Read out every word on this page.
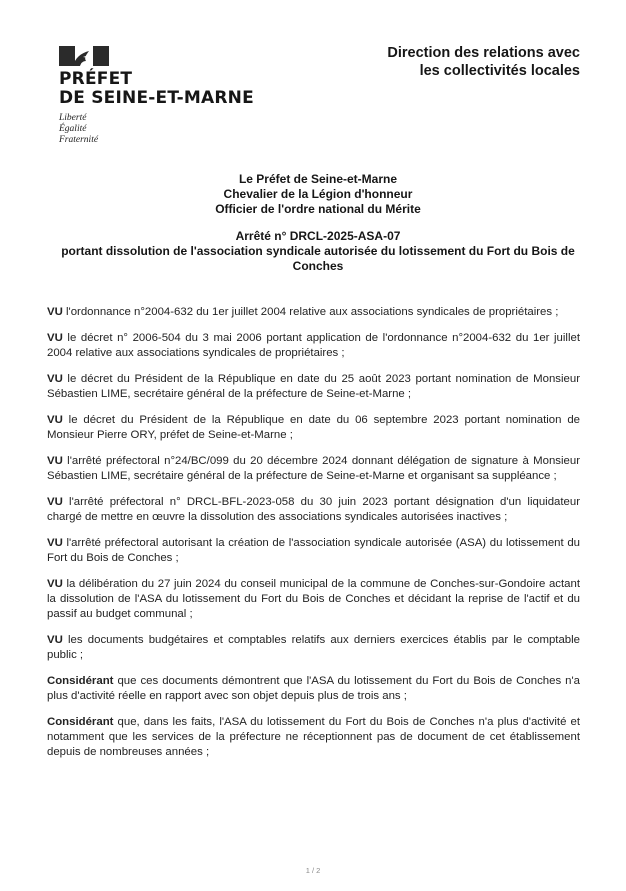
PRÉFET
DE SEINE-ET-MARNE
Liberté
Égalité
Fraternité
Direction des relations avec
les collectivités locales
Le Préfet de Seine-et-Marne
Chevalier de la Légion d'honneur
Officier de l'ordre national du Mérite
Arrêté n° DRCL-2025-ASA-07
portant dissolution de l'association syndicale autorisée du lotissement du Fort du Bois de Conches

VU l'ordonnance n°2004-632 du 1er juillet 2004 relative aux associations syndicales de propriétaires ;

VU le décret n° 2006-504 du 3 mai 2006 portant application de l'ordonnance n°2004-632 du 1er juillet 2004 relative aux associations syndicales de propriétaires ;

VU le décret du Président de la République en date du 25 août 2023 portant nomination de Monsieur Sébastien LIME, secrétaire général de la préfecture de Seine-et-Marne ;

VU le décret du Président de la République en date du 06 septembre 2023 portant nomination de Monsieur Pierre ORY, préfet de Seine-et-Marne ;

VU l'arrêté préfectoral n°24/BC/099 du 20 décembre 2024 donnant délégation de signature à Monsieur Sébastien LIME, secrétaire général de la préfecture de Seine-et-Marne et organisant sa suppléance ;

VU l'arrêté préfectoral n° DRCL-BFL-2023-058 du 30 juin 2023 portant désignation d'un liquidateur chargé de mettre en œuvre la dissolution des associations syndicales autorisées inactives ;

VU l'arrêté préfectoral autorisant la création de l'association syndicale autorisée (ASA) du lotissement du Fort du Bois de Conches ;

VU la délibération du 27 juin 2024 du conseil municipal de la commune de Conches-sur-Gondoire actant la dissolution de l'ASA du lotissement du Fort du Bois de Conches et décidant la reprise de l'actif et du passif au budget communal ;

VU les documents budgétaires et comptables relatifs aux derniers exercices établis par le comptable public ;

Considérant que ces documents démontrent que l'ASA du lotissement du Fort du Bois de Conches n'a plus d'activité réelle en rapport avec son objet depuis plus de trois ans ;

Considérant que, dans les faits, l'ASA du lotissement du Fort du Bois de Conches n'a plus d'activité et notamment que les services de la préfecture ne réceptionnent pas de document de cet établissement depuis de nombreuses années ;

1 / 2
